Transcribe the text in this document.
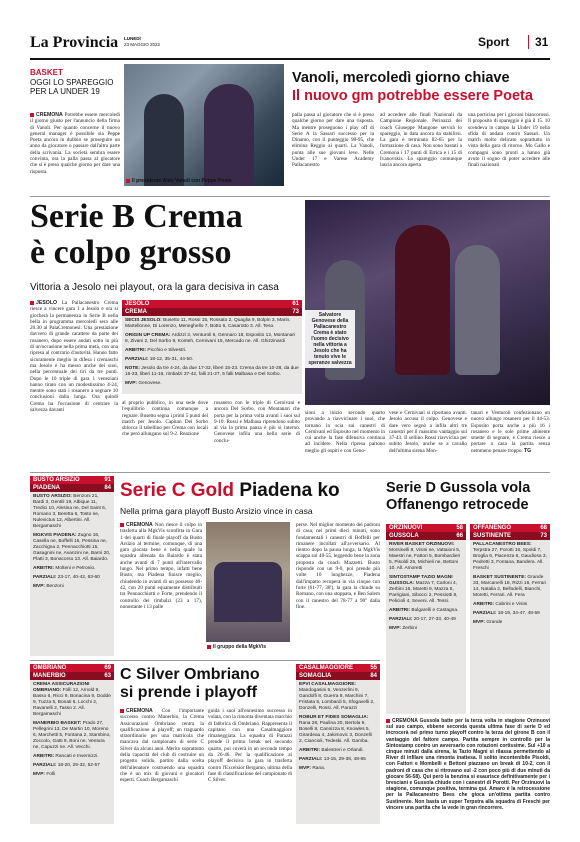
La Provincia LUNEDÌ
23 MAGGIO 2022	Sport 31
BASKET
OGGI LO SPAREGGIO PER LA UNDER 19
CREMONA Potrebbe essere mercoledì il giorno giusto per l'annuncio della firma di Vanoli. Per quanto concerne il nuovo general manager è possibile sia Peppe Poeta ancora in dubbio se proseguire un anno da giocatore o passare dall'altra parte della scrivania. La società sembra essere convinta, ora la palla passa al giocatore che si è preso qualche giorno per dare una risposta.
Il presidente Aldo Vanoli con Peppe Poeta
Vanoli, mercoledì giorno chiave
Il nuovo gm potrebbe essere Poeta
palla passa al giocatore che si è preso qualche giorno per dare una risposta. Ma mentre proseguono i play off di Serie A la Sassari successo per la Dinamo, con il punteggio 98-95, che elimina Reggio ai quarti. La Vanoli, punta alle sue giovani leve. Nelle Under 17 e Varese Academy Pallacanestro
ad accedere alle finali Nazionali da Campione Regionale. Perinazzi dei coach Giuseppe Mangone servirà lo spareggio, in data ancora da stabilirsi. La gara è terminata 82-65 per la formazione di casa. Non sono bastati a Cremona i 17 punti di Errica e i 15 di Ivanovskis. Lo spareggio comunque lascia ancora aperta
una porticina per i giovani biancorossi. Il proposito di spareggio è già il 15. 10 scendeva in campo la Under 19 nella sfida di andata contro Sassari. Un match molto delicato soprattutto in vista della gara di ritorno. Mo Gallo e compagni sono pronti a hanno già avuto il sogno di poter accedere alle finali nazionali
Serie B Crema
è colpo grosso
Vittoria a Jesolo nei playout, ora la gara decisiva in casa
JESOLO La Pallacanestro Crema riesce a vincere gara 1 a Jesolo e ora si giocherà la permanenza in Serie B nella bella in programma mercoledì sera alle 20.30 al PalaCremonesi. Una prestazione davvero di grande carattere da parte dei rosanero, dopo essere andati sotto in più di un'occasione nella prima metà, con una ripresa al contrario d'autorità. Hanno fatto sicuramente meglio in difesa i cremaschi ma Jesolo è ha messo anche dei suoi, nella percentuale dei tiri da tre punti. Dopo le 10 triple di gara 1 veneziani hanno tirato con un modestissimo 4-24, mentre sono stati i rosanero a segnare 10 conclusioni dalla lunga. Ora quindi Crema ha l'occasione di centrare la salvezza davanti
JESOLO	61
CREMA	73

SECIS JESOLO: Busetto 11, Rossi 15, Rossato 2, Quaglia 9, Bolpin 3, Marin, Martellonne, Di Lorenzo, Meneghello 7, Botto 6, Casarotto 3. All. Teso.

ORIGIN UP CREMA: Ardizzi 3, Venturoli 6, Gennaro 18, Esposito 12, Montanari 8, Zivani 2, Del Sorbo 9, Konteh, Cernivani 15, Mercado ne. All. Ghizzinardi

ARBITRI: Picchio e Silvestri.

PARZIALI: 18-12, 35-31, 44-50.

NOTE: Jesolo da tre 4-24, da due 17-32, liberi 15-23. Crema da tre 10-28, da due 16-33, liberi 11-16, rimbalzi 37-42, falli 21-27, 5 falli Malbasa e Del Sorbo.

MVP: Genovese.

Salvatore Genovese della Pallacanestro Crema è stato l'uomo decisivo nella vittoria a Jesolo che ha tenuto vive le speranze salvezza
al proprio pubblico, in una sede dove l'equilibrio continua comunque a regnare. Busetto segna i primi 5 punti del match per Jesolo. Capitan Del Sorbo sblocca il tabellino per Crema con locali che però allungano sul 9-2. Reazione
rosanero con le triple di Cernivani e ancora Del Sorbo, con Montanari che porta per la prima volta avanti i suoi sul 9-10. Rossi e Malbasa riprendono subito al via la prima pausa è più si interno. Genovese infila una bella serie di conclu-
sioni a inizio secondo quarto provando a riavvicinare i suoi, che tornano in scia sui canestri di Cernivani ed Esposito nel momento in cui anche la fase difensiva continua ad incidere. Nella ripresa partono meglio gli ospiti e con Geno-
vese e Cernivani si riportano avanti. Jesolo accusa il colpo. Genovese e dare vero segnò a infila altri tre canestri per il massimo vantaggio sul 37-43. Il sellino Rossi riavvicina per subito Jesolo, anche se a cavallo dell'ultima sirena Mon-
tanari e Venturoli confezionano un nuovo allungo rosanero per il 44-53. Esposito porta anche a più 16 i rosanero e le sole prime abinente smette di segnare, e Crema riesce a portare a casa la partita senza nemmeno penare troppo. TG
BUSTO ARSIZIO	91
PIADENA	84

BUSTO ARSIZIO: Benzoni 21, Bardi 3, Gentili 19, Albique 11, Tredici 10, Alesina ne, Del Saint 6, Romano 3, Beretta 6, Tosto ne, Nulevictus 12, Albertini. All. Bergamaschi

MGKVIS PIADENA: Zugno 16, Casella ne, Boffelli 15, Pessina ne, Zacchigna 2, Pennacchiotti 15, Gasagnini ne, Avanzini ne, Barni 20, Platti 3, Bonacorso 13. All. Baiardo.

ARBITRI: Molteni e Petronio.

PARZIALI: 23-17, 40-42, 63-60

MVP: Benzoni

Serie C Gold Piadena ko
Nella prima gara playoff Busto Arsizio vince in casa
CREMONA Non riesce il colpo in trasferta alla MgkVis sconfitta in Gara 1 dei quarti di finale playoff da Busto Arsizio al termine, comunque, di una gara giocata bene e nella quale la squadra allenata da Baiardo è stata anche avanti di 7 punti all'intervallo lungo. Nel primo tempo, infatti bene Busto, ma Piadena finisce meglio, chiudendo in avanti di un possesso 40-42, con 20 punti equamente distribuiti tra Pennacchiotti e Forte, prendendo il controllo dei rimbalzi (23 a 17), nonostante i 13 palle
Il gruppo della MgkVis
perse. Nel miglior momento dei padroni di casa, nei primi dieci minuti, sono fondamentali i canestri di Boffelli per rimanere incollati all'avversario. Al rientro dopo la pausa lunga, la MgkVis scappa sul 48-55, leggendo bene la zona proposta da coach Mazzetti. Busto risponde con un 9-0, poi prende più volte 10 lunghezze, Piadena dall'impatto recupera in via cinque con forte (61-77, 38'), la gara la chiude su Romano, con una stoppata, e Ben Salem con il canestro del 78-77 a 90" dalla fine.
Serie D Gussola vola
Offanengo retrocede
ORZINUOVI	58
GUSSOLA	66

RIVER BASKET ORZINUOVI: Morsinelli 8, Visini ne, Vattaioni 5, Maestri ne, Fattori 5, Bombardieri 5, Pisoldi 25, Michieli ne, Bettoni 10. All. Amoretti

SINTOSTAMP TAZIO MAGNI GUSSOLA: Mazza 7, Carloni 4, Zerbini 16, Maretti 9, Mazza 5, Parrigiani, Sibocci 2, Pessiotti 8, Pelicioli 4, Seveni. All. Tessi.

ARBITRI: Bulgarelli e Castagna.

PARZIALI: 20-17, 27-33, 40-49

MVP: Zerbini

OFFANENGO	68
SUSTINENTE	73

PALLACANESTRO BEES: Terpstra 27, Porotti 16, Spoldi 7, Broglia 6, Piacenza 6, Gaudiosa 3, Pedretti 3, Fontana, Bandera. All. Freschi

BASKET SUSTINENTE: Grande 33, Marcanelli 18, Rizzi 16, Ferrari 14, Natalia 2, Bellodelli, Bianchi, Moretti, Ferrari. All. Fera

ARBITRI: Cabrini e Visini

PARZIALI: 18-19, 34-47, 48-59

MVP: Grande

CREMONA Gussola batte per la terza volta in stagione Orzinuovi sul suo campo, ebbene seconda questa ultima fase di serie D ed incrocerà nel primo turno playoff contro la terza del girone B con il vantaggio del fattore campo. Partita sempre in controllo per la Sintostamp contro un avversario con rotazioni cortissime. Sul +10 a cinque minuti dalla sirena, la Tazio Magni si rilassa permettendo al River di infilare una rimonta inattesa. Il solito incontenibile Pisoldi, con Fattori e Mombelli e Bettoni piazzano un break di 10-2, con il padroni di casa che si ritrovano sul -2 con poco più di due minuti da giocare 56-58). Qui però la benzina si esaurisce definitivamente per i bresciani e Gussola chiude con i canestri di Porotti. Per Orzinuovi la stagione, comunque positiva, termina qui. Amaro è la retrocessione per la Pallacanestro Bees che gioca un'ottima partita contro Sustinente. Non basta un super Terpstra alla squadra di Freschi per vincere una partita che la vede in gran rincorrere.
OMBRIANO	69
MANERBIO	63

CREMA ASSICURAZIONI OMBRIANO: Folli 12, Arnold 9, Basso 6, Ricci 9, Bonacina 9, Dodde 9, Tuzza 5, Bonati 6, Locchi 2, Ravanelli 2, Tasso 2. All. Bergamaschi

MANERBIO BASKET: Prado 27, Pellegrini 13, De Martin 10, Moreno 6, Marchetti 5, Fontana 2, Stambino, Zoccolo, Gatti 9, Boni ne, Ventura ne, Capuzzi ne. All. Vecchi.

ARBITRI: Rancati e Invernizzi.

PARZIALI: 18-20, 29-32, 52-57

MVP: Folli

C Silver Ombriano
si prende i playoff
CREMONA Con l'importante successo contro Manerbio, la Crema Assicurazioni Ombriano centra la qualificazione ai playoff; un traguardo straordinario per una matricola che mancava dal campionato di serie C Silver da alcuni anni. Merito soprattutto della capacità del club di costruire un progetto solido, partito dalla scelta dell'allenatore costruendo una squadra che è un mix di giovani e giocatori esperti. Coach Bergamaschi
guida i suoi all'ennesimo successo in volata, con la rimonta diventata marchio di fabbrica di Ombriano. Rappresenta il capitano con una Casalmaggiore rimaneggiata. La squadra di Parazzi prende il primo break nel secondo quarto, poi coverà in un secondo tempo da 26-46. Per la qualificazione ai playoff decisiva la gara in trasferta contro l'Excelsior Bergamo, ultima della fase di classificazione del campionato di C Silver.
CASALMAGGIORE	55
SOMAGLIA	84

EPVI CASALMAGGIORE: Mandogasini 5, Venzerlini 9, Gandolfi 8, Guerra 8, Marchini 7, Fristata 5, Lombardi 5, Sfogavelli 2, Donzelli, Rossi. All. Parazzi

ROBUR ET FIDES SOMAGLIA: Rana 28, Paulina 20, Bertola 9, Boselli 8, Cannizza 8, Knowles 5, Girardeau 4, Jakimovic 3, Donzelli 2, Ciancioli, Tedeski. All. Gamba.

ARBITRI: Balestreri e Orlandi.

PARZIALI: 13-15, 29-38, 48-65

MVP: Rana.
